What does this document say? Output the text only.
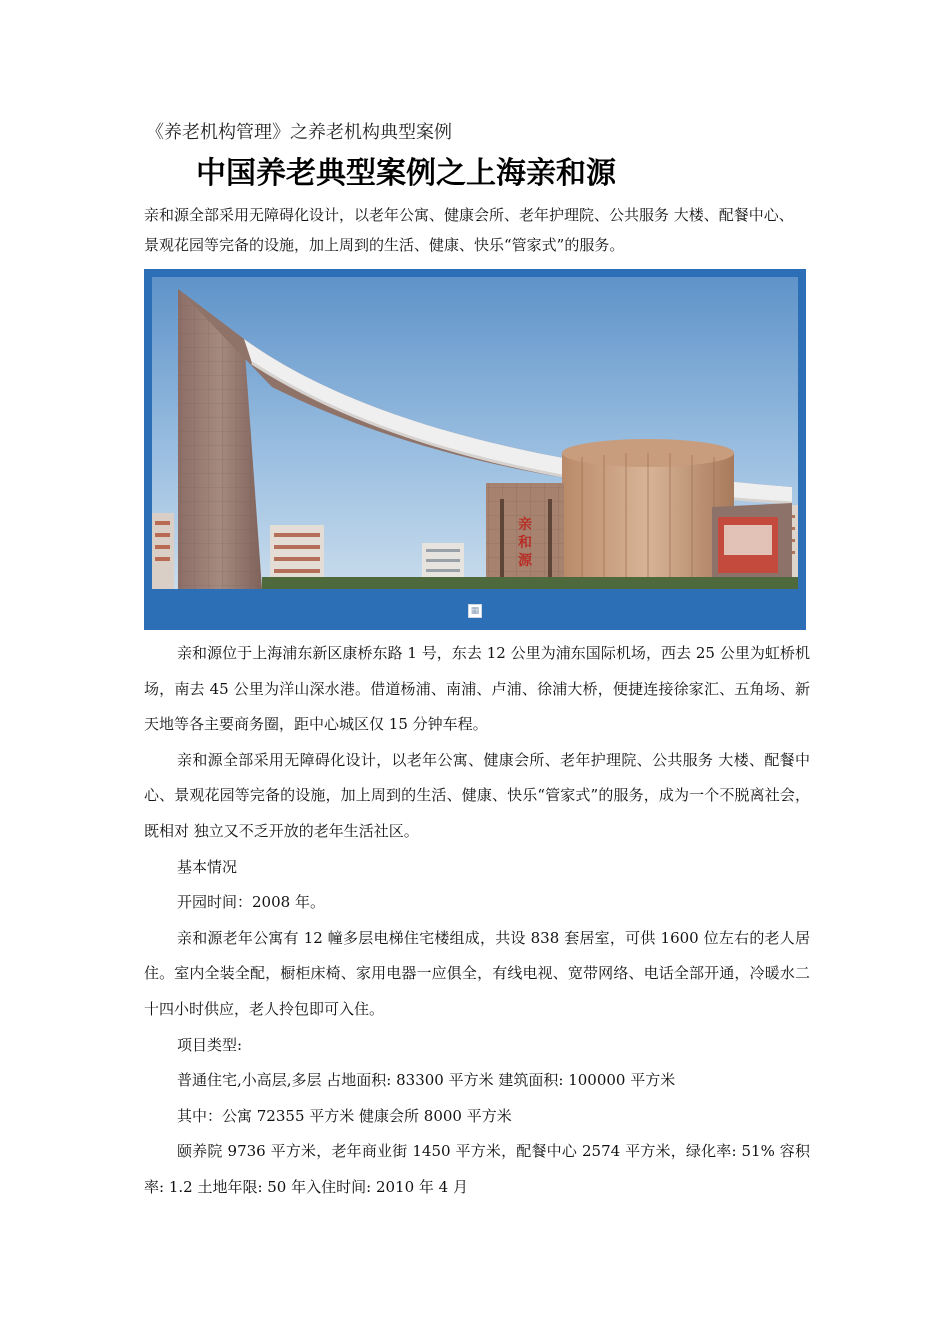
《养老机构管理》之养老机构典型案例
中国养老典型案例之上海亲和源

亲和源全部采用无障碍化设计，以老年公寓、健康会所、老年护理院、公共服务 大楼、配餐中心、景观花园等完备的设施，加上周到的生活、健康、快乐“管家式”的服务。

亲
和
源
▦

亲和源位于上海浦东新区康桥东路 1 号，东去 12 公里为浦东国际机场，西去 25 公里为虹桥机场，南去 45 公里为洋山深水港。借道杨浦、南浦、卢浦、徐浦大桥，便捷连接徐家汇、五角场、新天地等各主要商务圈，距中心城区仅 15 分钟车程。

亲和源全部采用无障碍化设计，以老年公寓、健康会所、老年护理院、公共服务 大楼、配餐中心、景观花园等完备的设施，加上周到的生活、健康、快乐“管家式”的服务，成为一个不脱离社会，既相对 独立又不乏开放的老年生活社区。

基本情况

开园时间：2008 年。

亲和源老年公寓有 12 幢多层电梯住宅楼组成，共设 838 套居室，可供 1600 位左右的老人居住。室内全装全配，橱柜床椅、家用电器一应俱全，有线电视、宽带网络、电话全部开通，冷暖水二十四小时供应，老人拎包即可入住。

项目类型:

普通住宅,小高层,多层 占地面积: 83300 平方米 建筑面积: 100000 平方米

其中：公寓 72355 平方米 健康会所 8000 平方米

颐养院 9736 平方米，老年商业街 1450 平方米，配餐中心 2574 平方米，绿化率: 51% 容积率: 1.2 土地年限: 50 年入住时间: 2010 年 4 月
